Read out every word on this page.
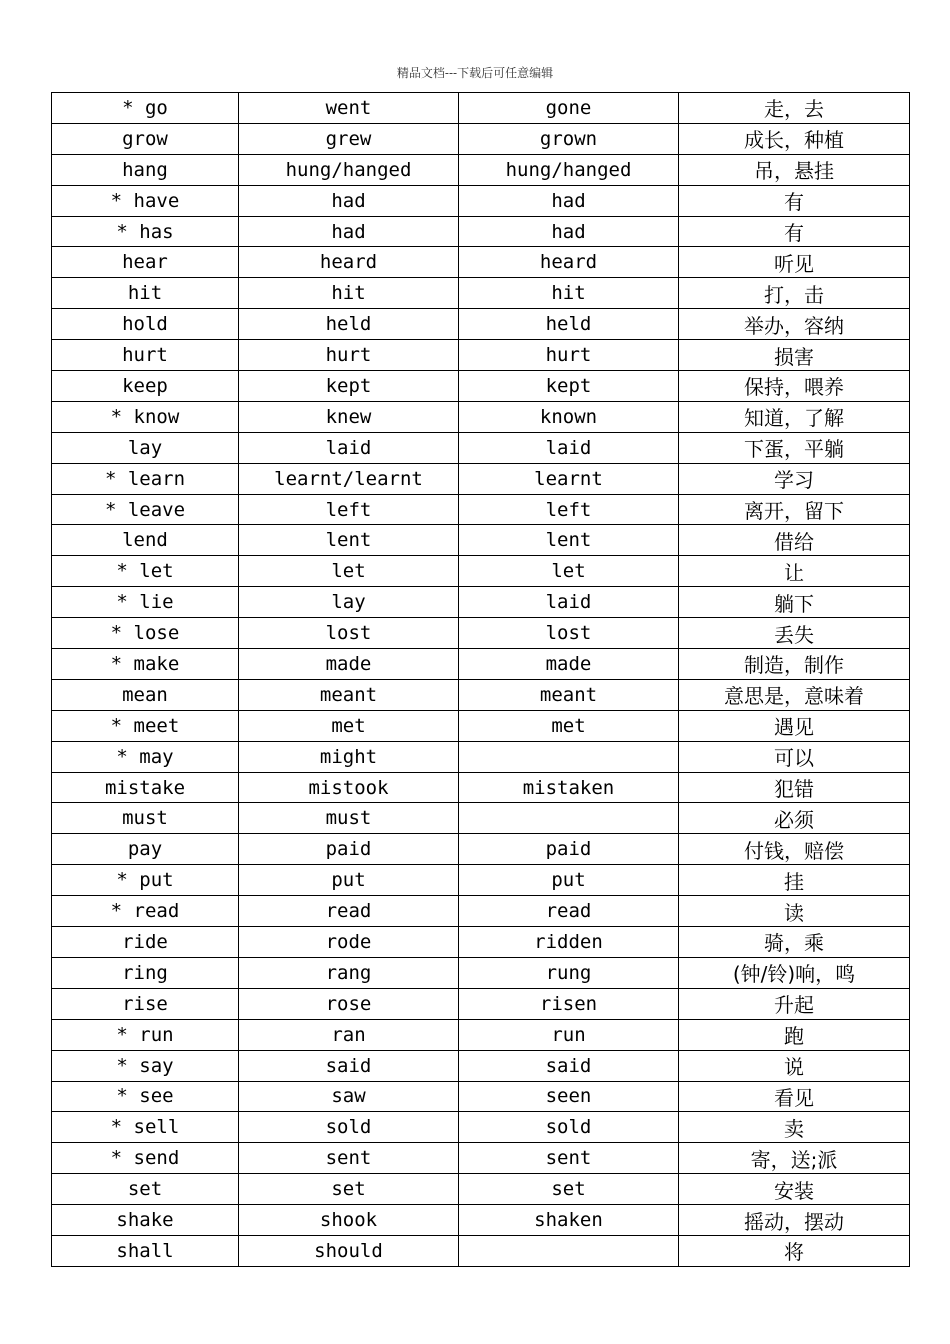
精品文档---下载后可任意编辑
* go	went	gone	走，去
grow	grew	grown	成长，种植
hang	hung/hanged	hung/hanged	吊，悬挂
* have	had	had	有
* has	had	had	有
hear	heard	heard	听见
hit	hit	hit	打，击
hold	held	held	举办，容纳
hurt	hurt	hurt	损害
keep	kept	kept	保持，喂养
* know	knew	known	知道，了解
lay	laid	laid	下蛋，平躺
* learn	learnt/learnt	learnt	学习
* leave	left	left	离开，留下
lend	lent	lent	借给
* let	let	let	让
* lie	lay	laid	躺下
* lose	lost	lost	丢失
* make	made	made	制造，制作
mean	meant	meant	意思是，意味着
* meet	met	met	遇见
* may	might		可以
mistake	mistook	mistaken	犯错
must	must		必须
pay	paid	paid	付钱，赔偿
* put	put	put	挂
* read	read	read	读
ride	rode	ridden	骑，乘
ring	rang	rung	(钟/铃)响，鸣
rise	rose	risen	升起
* run	ran	run	跑
* say	said	said	说
* see	saw	seen	看见
* sell	sold	sold	卖
* send	sent	sent	寄，送;派
set	set	set	安装
shake	shook	shaken	摇动，摆动
shall	should		将
